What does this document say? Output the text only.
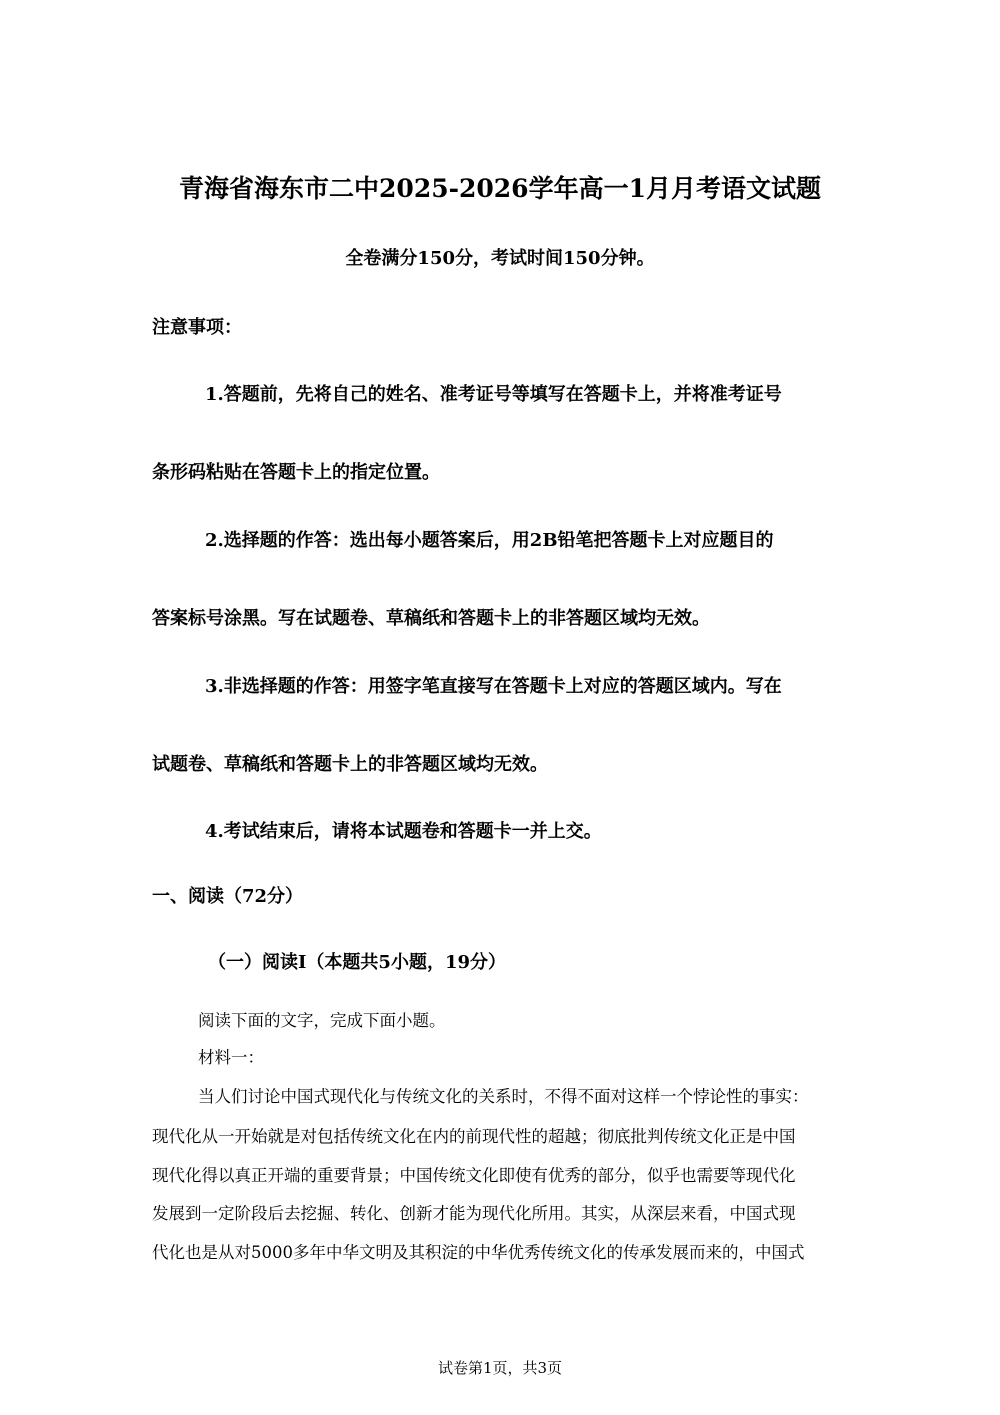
青海省海东市二中2025-2026学年高一1月月考语文试题
全卷满分150分，考试时间150分钟。
注意事项：
1.答题前，先将自己的姓名、准考证号等填写在答题卡上，并将准考证号
条形码粘贴在答题卡上的指定位置。
2.选择题的作答：选出每小题答案后，用2B铅笔把答题卡上对应题目的
答案标号涂黑。写在试题卷、草稿纸和答题卡上的非答题区域均无效。
3.非选择题的作答：用签字笔直接写在答题卡上对应的答题区域内。写在
试题卷、草稿纸和答题卡上的非答题区域均无效。
4.考试结束后，请将本试题卷和答题卡一并上交。
一、阅读（72分）
（一）阅读I（本题共5小题，19分）
阅读下面的文字，完成下面小题。
材料一：
当人们讨论中国式现代化与传统文化的关系时，不得不面对这样一个悖论性的事实：
现代化从一开始就是对包括传统文化在内的前现代性的超越；彻底批判传统文化正是中国
现代化得以真正开端的重要背景；中国传统文化即使有优秀的部分，似乎也需要等现代化
发展到一定阶段后去挖掘、转化、创新才能为现代化所用。其实，从深层来看，中国式现
代化也是从对5000多年中华文明及其积淀的中华优秀传统文化的传承发展而来的，中国式
试卷第1页，共3页
